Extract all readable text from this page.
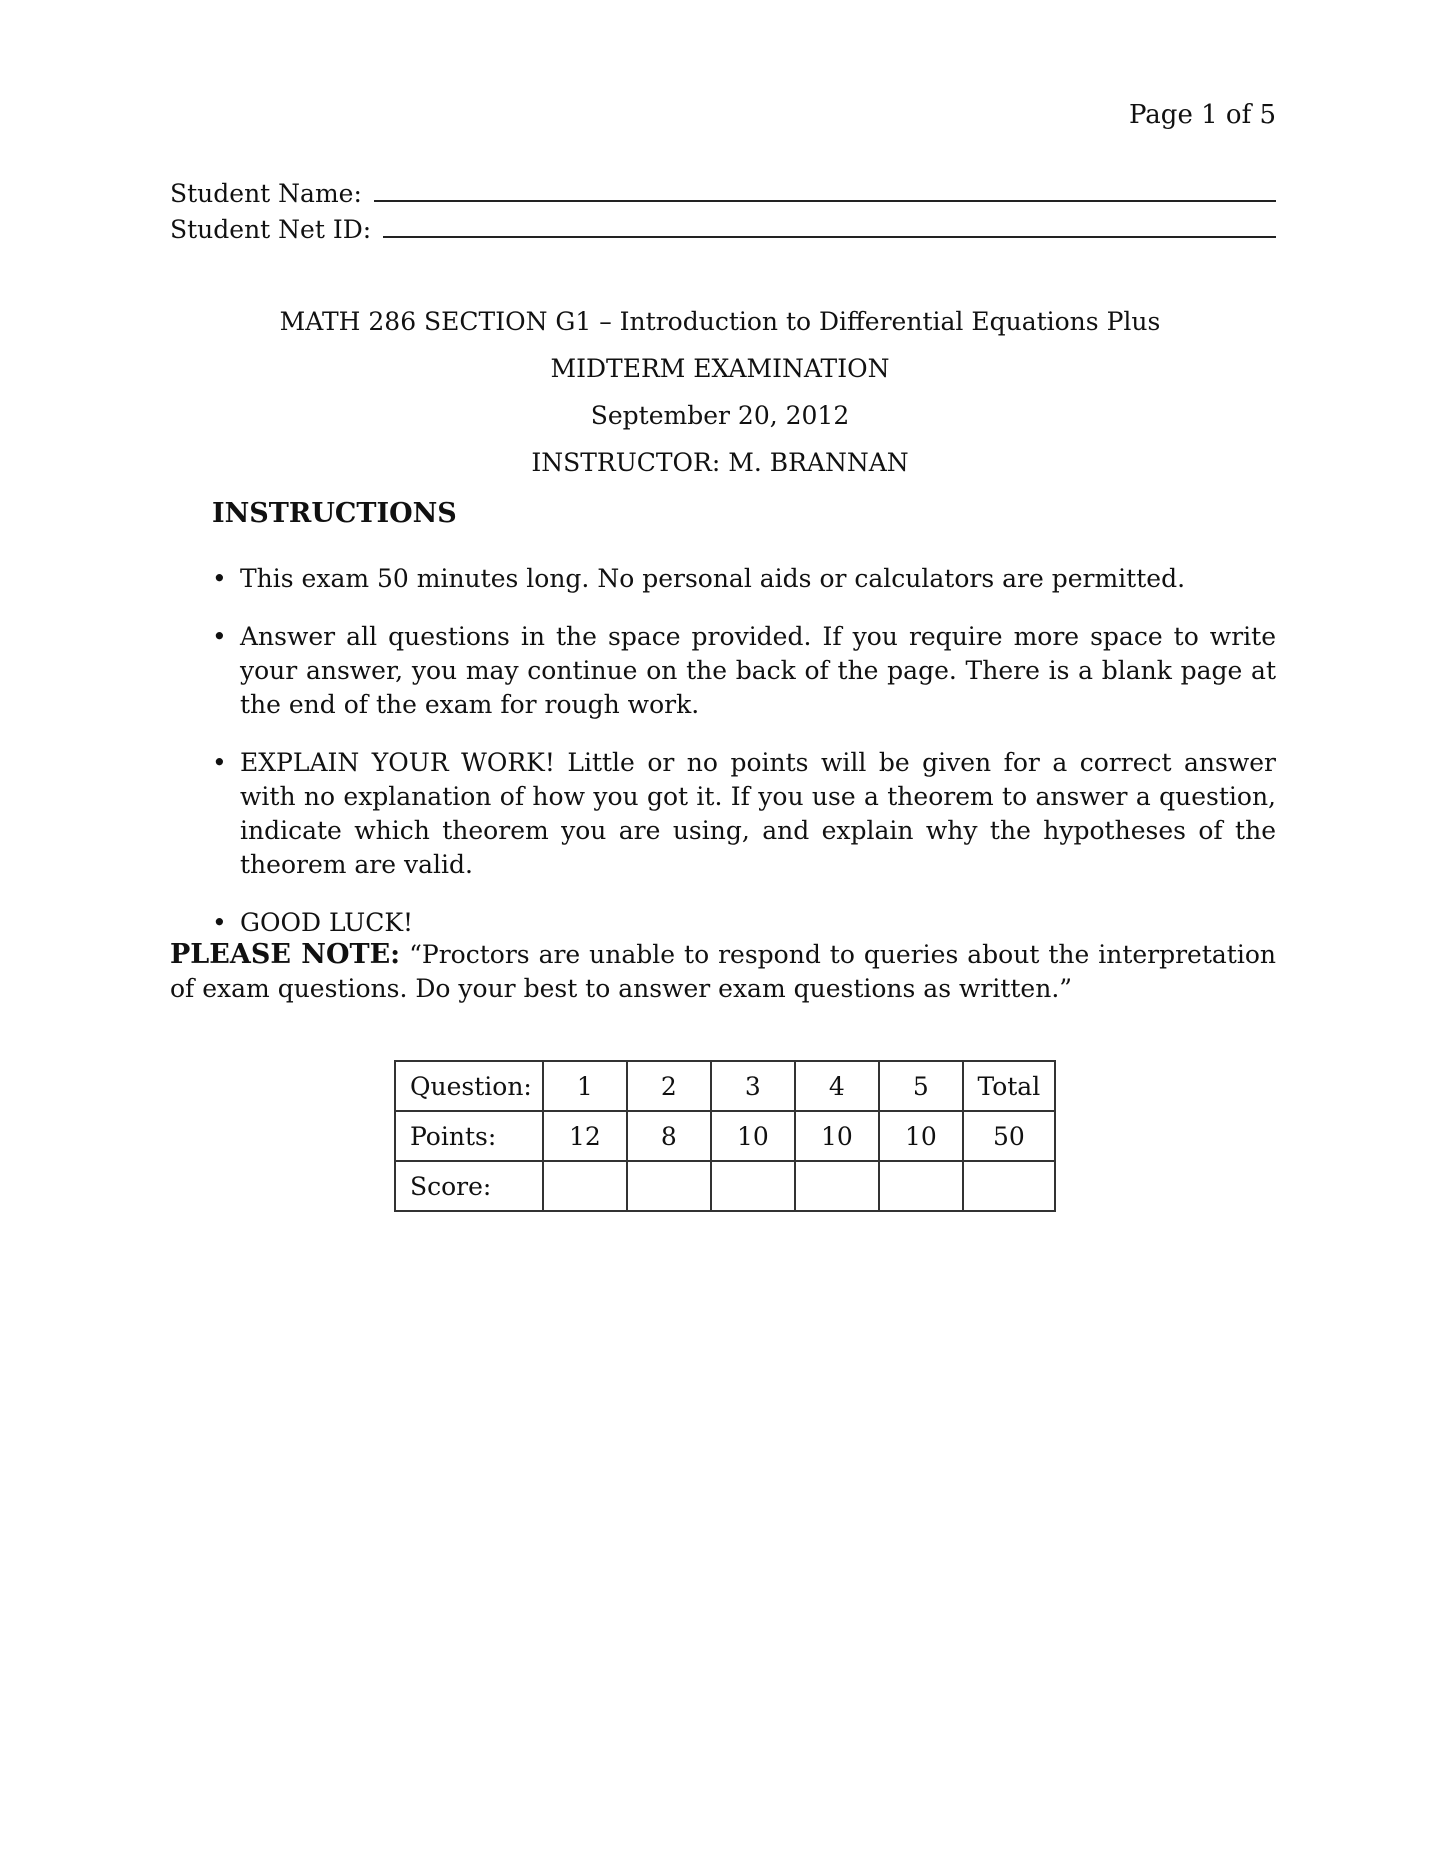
Page 1 of 5
Student Name:
Student Net ID:
MATH 286 SECTION G1 – Introduction to Differential Equations Plus
MIDTERM EXAMINATION
September 20, 2012
INSTRUCTOR: M. BRANNAN
INSTRUCTIONS
• This exam 50 minutes long. No personal aids or calculators are permitted.
• Answer all questions in the space provided. If you require more space to write your answer, you may continue on the back of the page. There is a blank page at the end of the exam for rough work.
• EXPLAIN YOUR WORK! Little or no points will be given for a correct answer with no explanation of how you got it. If you use a theorem to answer a question, indicate which theorem you are using, and explain why the hypotheses of the theorem are valid.
• GOOD LUCK!
PLEASE NOTE: “Proctors are unable to respond to queries about the interpretation of exam questions. Do your best to answer exam questions as written.”
Question:	1	2	3	4	5	Total
Points:	12	8	10	10	10	50
Score:						
